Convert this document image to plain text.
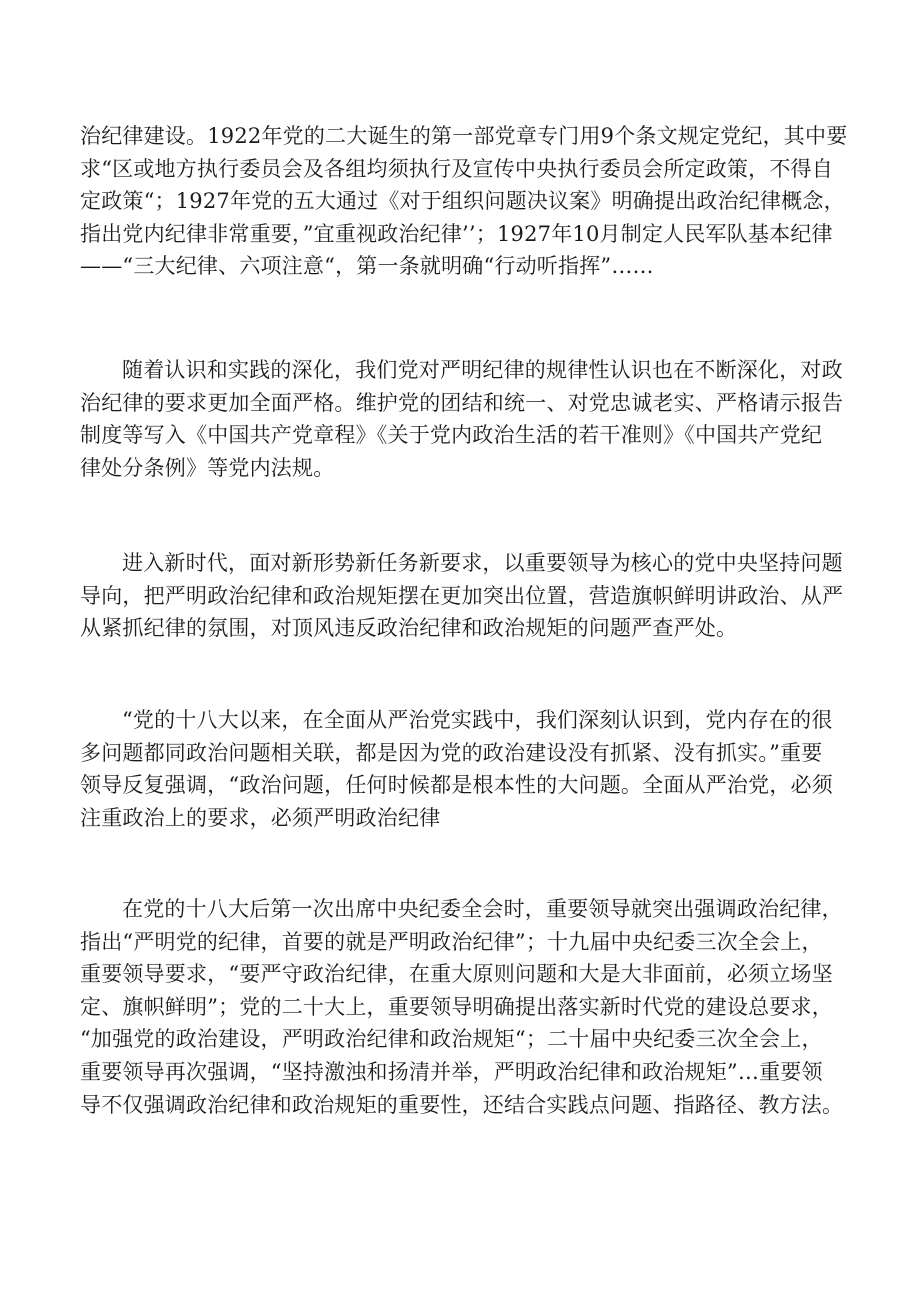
治纪律建设。1922年党的二大诞生的第一部党章专门用9个条文规定党纪，其中要
求“区或地方执行委员会及各组均须执行及宣传中央执行委员会所定政策，不得自
定政策“；1927年党的五大通过《对于组织问题决议案》明确提出政治纪律概念，
指出党内纪律非常重要，”宜重视政治纪律’’；1927年10月制定人民军队基本纪律
——“三大纪律、六项注意“，第一条就明确“行动听指挥”……
随着认识和实践的深化，我们党对严明纪律的规律性认识也在不断深化，对政
治纪律的要求更加全面严格。维护党的团结和统一、对党忠诚老实、严格请示报告
制度等写入《中国共产党章程》《关于党内政治生活的若干准则》《中国共产党纪
律处分条例》等党内法规。
进入新时代，面对新形势新任务新要求，以重要领导为核心的党中央坚持问题
导向，把严明政治纪律和政治规矩摆在更加突出位置，营造旗帜鲜明讲政治、从严
从紧抓纪律的氛围，对顶风违反政治纪律和政治规矩的问题严查严处。
“党的十八大以来，在全面从严治党实践中，我们深刻认识到，党内存在的很
多问题都同政治问题相关联，都是因为党的政治建设没有抓紧、没有抓实。”重要
领导反复强调，“政治问题，任何时候都是根本性的大问题。全面从严治党，必须
注重政治上的要求，必须严明政治纪律
在党的十八大后第一次出席中央纪委全会时，重要领导就突出强调政治纪律，
指出“严明党的纪律，首要的就是严明政治纪律”；十九届中央纪委三次全会上，
重要领导要求，“要严守政治纪律，在重大原则问题和大是大非面前，必须立场坚
定、旗帜鲜明”；党的二十大上，重要领导明确提出落实新时代党的建设总要求，
“加强党的政治建设，严明政治纪律和政治规矩“；二十届中央纪委三次全会上，
重要领导再次强调，“坚持激浊和扬清并举，严明政治纪律和政治规矩”…重要领
导不仅强调政治纪律和政治规矩的重要性，还结合实践点问题、指路径、教方法。
